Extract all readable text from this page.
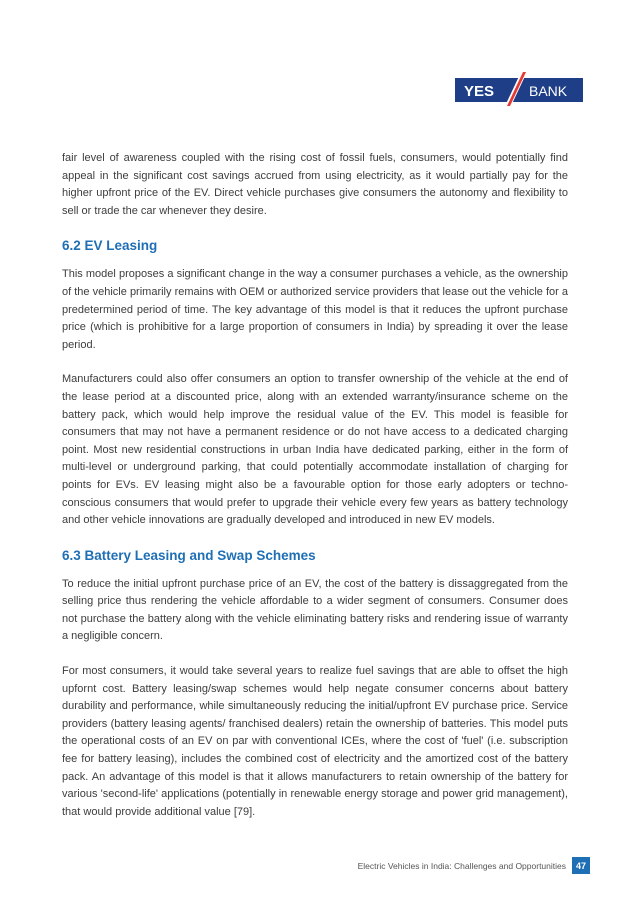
YES BANK

fair level of awareness coupled with the rising cost of fossil fuels, consumers, would potentially find appeal in the significant cost savings accrued from using electricity, as it would partially pay for the higher upfront price of the EV. Direct vehicle purchases give consumers the autonomy and flexibility to sell or trade the car whenever they desire.

6.2 EV Leasing

This model proposes a significant change in the way a consumer purchases a vehicle, as the ownership of the vehicle primarily remains with OEM or authorized service providers that lease out the vehicle for a predetermined period of time. The key advantage of this model is that it reduces the upfront purchase price (which is prohibitive for a large proportion of consumers in India) by spreading it over the lease period.

Manufacturers could also offer consumers an option to transfer ownership of the vehicle at the end of the lease period at a discounted price, along with an extended warranty/insurance scheme on the battery pack, which would help improve the residual value of the EV. This model is feasible for consumers that may not have a permanent residence or do not have access to a dedicated charging point. Most new residential constructions in urban India have dedicated parking, either in the form of multi-level or underground parking, that could potentially accommodate installation of charging for points for EVs. EV leasing might also be a favourable option for those early adopters or techno-conscious consumers that would prefer to upgrade their vehicle every few years as battery technology and other vehicle innovations are gradually developed and introduced in new EV models.

6.3 Battery Leasing and Swap Schemes

To reduce the initial upfront purchase price of an EV, the cost of the battery is dissaggregated from the selling price thus rendering the vehicle affordable to a wider segment of consumers. Consumer does not purchase the battery along with the vehicle eliminating battery risks and rendering issue of warranty a negligible concern.

For most consumers, it would take several years to realize fuel savings that are able to offset the high upfornt cost. Battery leasing/swap schemes would help negate consumer concerns about battery durability and performance, while simultaneously reducing the initial/upfront EV purchase price. Service providers (battery leasing agents/ franchised dealers) retain the ownership of batteries. This model puts the operational costs of an EV on par with conventional ICEs, where the cost of 'fuel' (i.e. subscription fee for battery leasing), includes the combined cost of electricity and the amortized cost of the battery pack. An advantage of this model is that it allows manufacturers to retain ownership of the battery for various 'second-life' applications (potentially in renewable energy storage and power grid management), that would provide additional value [79].

Electric Vehicles in India: Challenges and Opportunities	47
